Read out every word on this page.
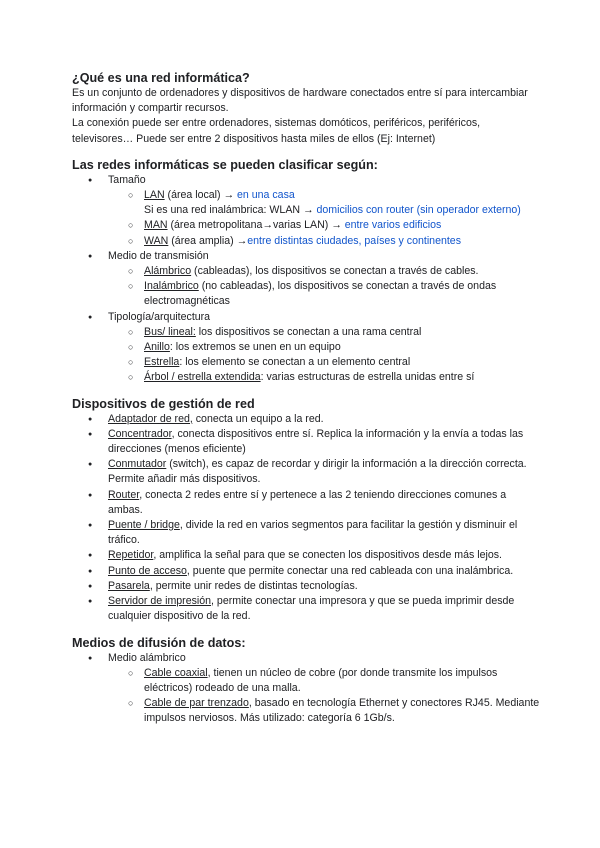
¿Qué es una red informática?

Es un conjunto de ordenadores y dispositivos de hardware conectados entre sí para intercambiar información y compartir recursos.

La conexión puede ser entre ordenadores, sistemas domóticos, periféricos, periféricos, televisores… Puede ser entre 2 dispositivos hasta miles de ellos (Ej: Internet)

Las redes informáticas se pueden clasificar según:
● Tamaño
○ LAN (área local) → en una casa
Si es una red inalámbrica: WLAN → domicilios con router (sin operador externo)
○ MAN (área metropolitana→varias LAN) → entre varios edificios
○ WAN (área amplia) →entre distintas ciudades, países y continentes
● Medio de transmisión
○ Alámbrico (cableadas), los dispositivos se conectan a través de cables.
○ Inalámbrico (no cableadas), los dispositivos se conectan a través de ondas electromagnéticas
● Tipología/arquitectura
○ Bus/ lineal: los dispositivos se conectan a una rama central
○ Anillo: los extremos se unen en un equipo
○ Estrella: los elemento se conectan a un elemento central
○ Árbol / estrella extendida: varias estructuras de estrella unidas entre sí
Dispositivos de gestión de red
● Adaptador de red, conecta un equipo a la red.
● Concentrador, conecta dispositivos entre sí. Replica la información y la envía a todas las direcciones (menos eficiente)
● Conmutador (switch), es capaz de recordar y dirigir la información a la dirección correcta. Permite añadir más dispositivos.
● Router, conecta 2 redes entre sí y pertenece a las 2 teniendo direcciones comunes a ambas.
● Puente / bridge, divide la red en varios segmentos para facilitar la gestión y disminuir el tráfico.
● Repetidor, amplifica la señal para que se conecten los dispositivos desde más lejos.
● Punto de acceso, puente que permite conectar una red cableada con una inalámbrica.
● Pasarela, permite unir redes de distintas tecnologías.
● Servidor de impresión, permite conectar una impresora y que se pueda imprimir desde cualquier dispositivo de la red.
Medios de difusión de datos:
● Medio alámbrico
○ Cable coaxial, tienen un núcleo de cobre (por donde transmite los impulsos eléctricos) rodeado de una malla.
○ Cable de par trenzado, basado en tecnología Ethernet y conectores RJ45. Mediante impulsos nerviosos. Más utilizado: categoría 6 1Gb/s.
